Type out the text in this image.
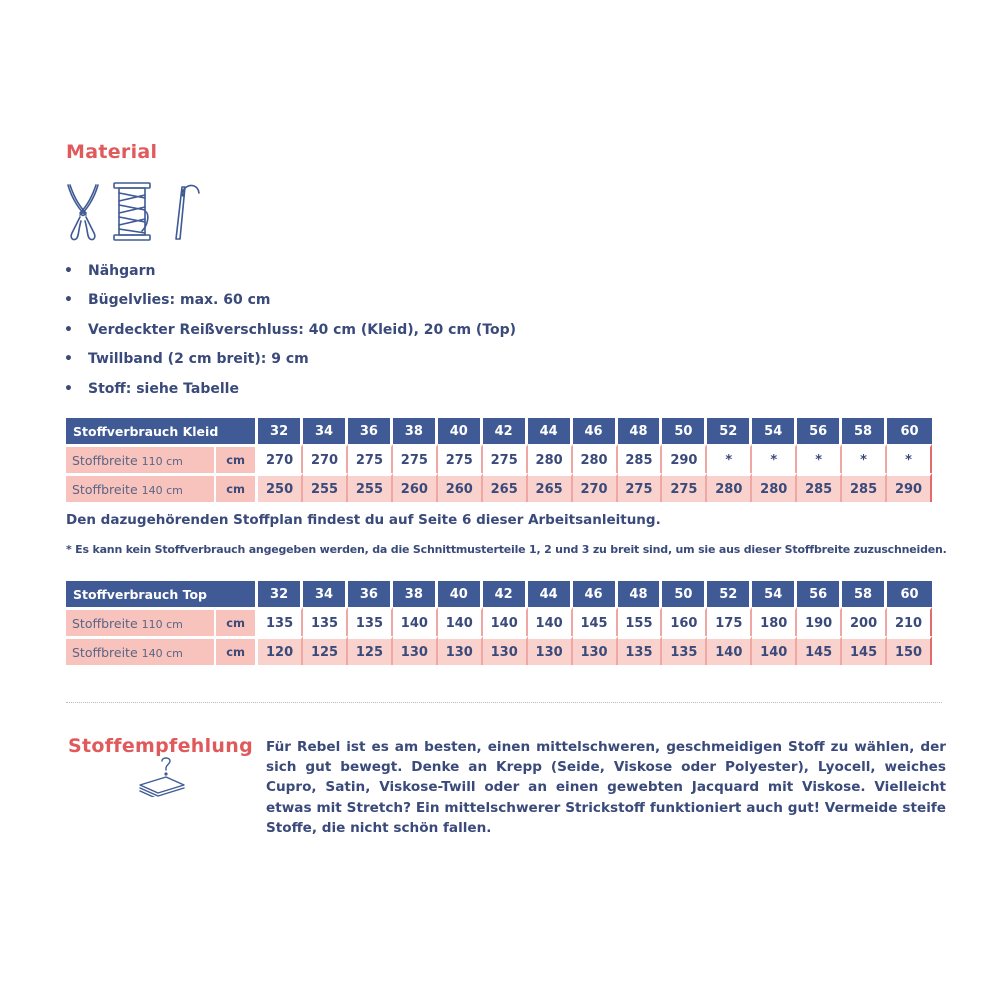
Material
• Nähgarn
• Bügelvlies: max. 60 cm
• Verdeckter Reißverschluss: 40 cm (Kleid), 20 cm (Top)
• Twillband (2 cm breit): 9 cm
• Stoff: siehe Tabelle
Stoffverbrauch Kleid		32	34	36	38	40	42	44	46	48	50	52	54	56	58	60
Stoffbreite 110 cm	cm	270	270	275	275	275	275	280	280	285	290	*	*	*	*	*
Stoffbreite 140 cm	cm	250	255	255	260	260	265	265	270	275	275	280	280	285	285	290
Den dazugehörenden Stoffplan findest du auf Seite 6 dieser Arbeitsanleitung.
* Es kann kein Stoffverbrauch angegeben werden, da die Schnittmusterteile 1, 2 und 3 zu breit sind, um sie aus dieser Stoffbreite zuzuschneiden.
Stoffverbrauch Top		32	34	36	38	40	42	44	46	48	50	52	54	56	58	60
Stoffbreite 110 cm	cm	135	135	135	140	140	140	140	145	155	160	175	180	190	200	210
Stoffbreite 140 cm	cm	120	125	125	130	130	130	130	130	135	135	140	140	145	145	150
Stoffempfehlung Für Rebel ist es am besten, einen mittelschweren, geschmeidigen Stoff zu wählen, der sich gut bewegt. Denke an Krepp (Seide, Viskose oder Polyester), Lyocell, weiches Cupro, Satin, Viskose-Twill oder an einen gewebten Jacquard mit Viskose. Vielleicht etwas mit Stretch? Ein mittelschwerer Strickstoff funktioniert auch gut! Vermeide steife Stoffe, die nicht schön fallen.
